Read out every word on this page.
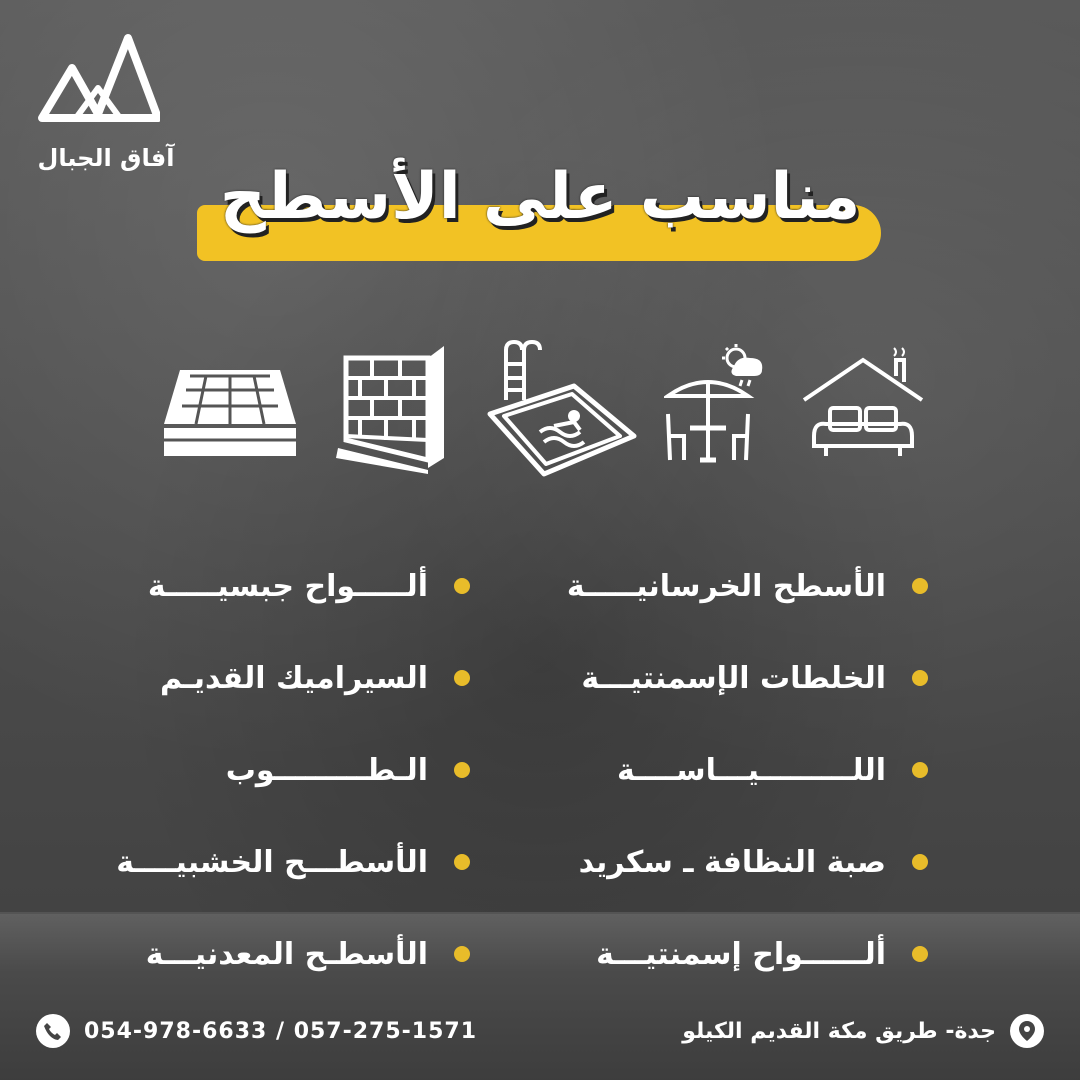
آفاق الجبال
مناسب على الأسطح
الأسطح الخرسانيـــــة
الخلطات الإسمنتيـــة
اللـــــــــيـــاســــة
صبة النظافة ـ سكريد
ألــــــواح إسمنتيـــة
ألـــــواح جبسيـــــة
السيراميك القديـم
الـطـــــــــوب
الأسطـــح الخشبيــــة
الأسطـح المعدنيـــة
جدة- طريق مكة القديم الكيلو
054-978-6633 / 057-275-1571
